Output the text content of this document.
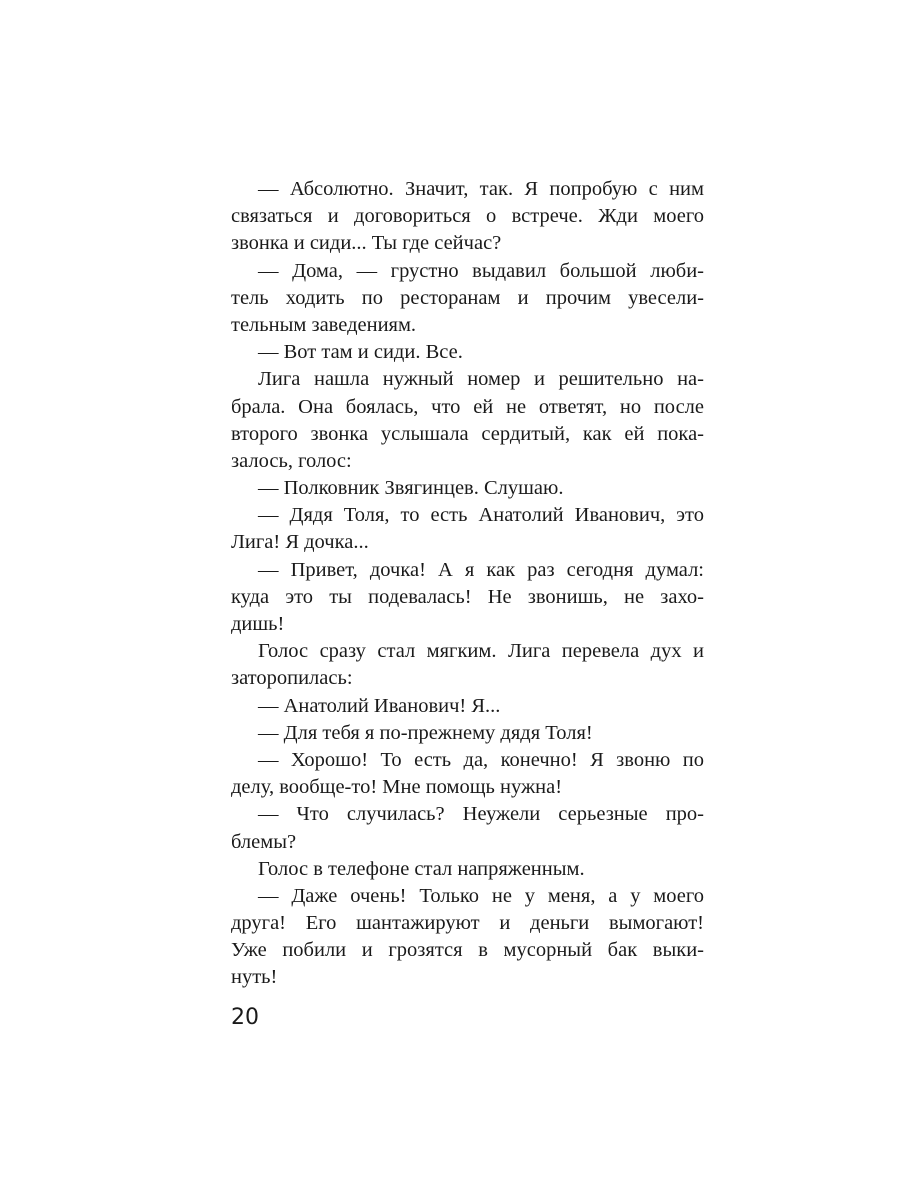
— Абсолютно. Значит, так. Я попробую с ним
связаться и договориться о встрече. Жди моего
звонка и сиди... Ты где сейчас?
— Дома, — грустно выдавил большой люби-
тель ходить по ресторанам и прочим увесели-
тельным заведениям.
— Вот там и сиди. Все.
Лига нашла нужный номер и решительно на-
брала. Она боялась, что ей не ответят, но после
второго звонка услышала сердитый, как ей пока-
залось, голос:
— Полковник Звягинцев. Слушаю.
— Дядя Толя, то есть Анатолий Иванович, это
Лига! Я дочка...
— Привет, дочка! А я как раз сегодня думал:
куда это ты подевалась! Не звонишь, не захо-
дишь!
Голос сразу стал мягким. Лига перевела дух и
заторопилась:
— Анатолий Иванович! Я...
— Для тебя я по-прежнему дядя Толя!
— Хорошо! То есть да, конечно! Я звоню по
делу, вообще-то! Мне помощь нужна!
— Что случилась? Неужели серьезные про-
блемы?
Голос в телефоне стал напряженным.
— Даже очень! Только не у меня, а у моего
друга! Его шантажируют и деньги вымогают!
Уже побили и грозятся в мусорный бак выки-
нуть!
20
